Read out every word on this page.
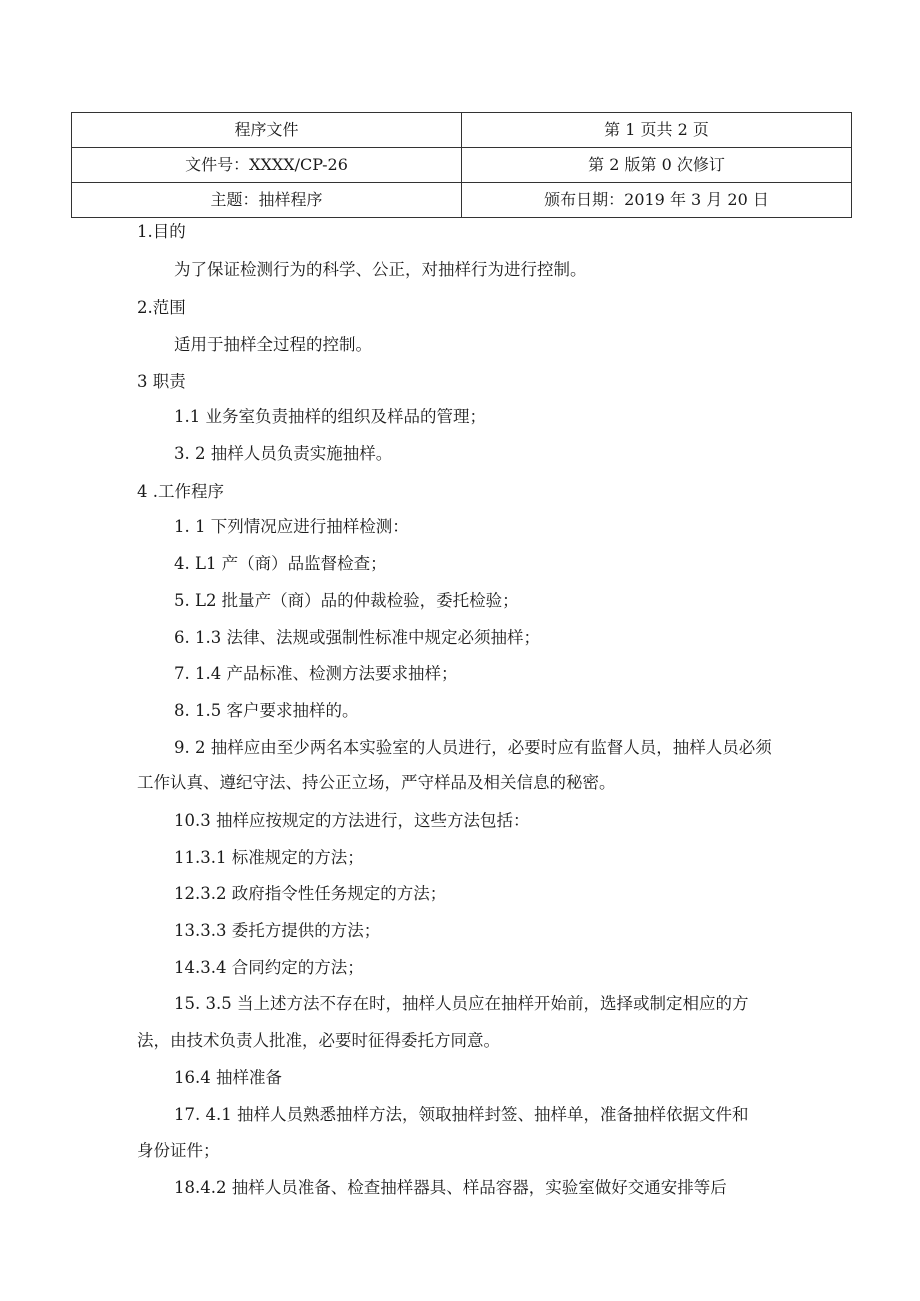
程序文件	第 1 页共 2 页
文件号：XXXX/CP-26	第 2 版第 0 次修订
主题：抽样程序	颁布日期：2019 年 3 月 20 日
1.目的
为了保证检测行为的科学、公正，对抽样行为进行控制。
2.范围
适用于抽样全过程的控制。
3 职责
1.1 业务室负责抽样的组织及样品的管理；
3. 2 抽样人员负责实施抽样。
4 .工作程序
1. 1 下列情况应进行抽样检测：
4. L1 产（商）品监督检查；
5. L2 批量产（商）品的仲裁检验，委托检验；
6. 1.3 法律、法规或强制性标准中规定必须抽样；
7. 1.4 产品标准、检测方法要求抽样；
8. 1.5 客户要求抽样的。
9. 2 抽样应由至少两名本实验室的人员进行，必要时应有监督人员，抽样人员必须
工作认真、遵纪守法、持公正立场，严守样品及相关信息的秘密。
10.3 抽样应按规定的方法进行，这些方法包括：
11.3.1 标准规定的方法；
12.3.2 政府指令性任务规定的方法；
13.3.3 委托方提供的方法；
14.3.4 合同约定的方法；
15. 3.5 当上述方法不存在时，抽样人员应在抽样开始前，选择或制定相应的方
法，由技术负责人批准，必要时征得委托方同意。
16.4 抽样准备
17. 4.1 抽样人员熟悉抽样方法，领取抽样封签、抽样单，准备抽样依据文件和
身份证件；
18.4.2 抽样人员准备、检查抽样器具、样品容器，实验室做好交通安排等后
